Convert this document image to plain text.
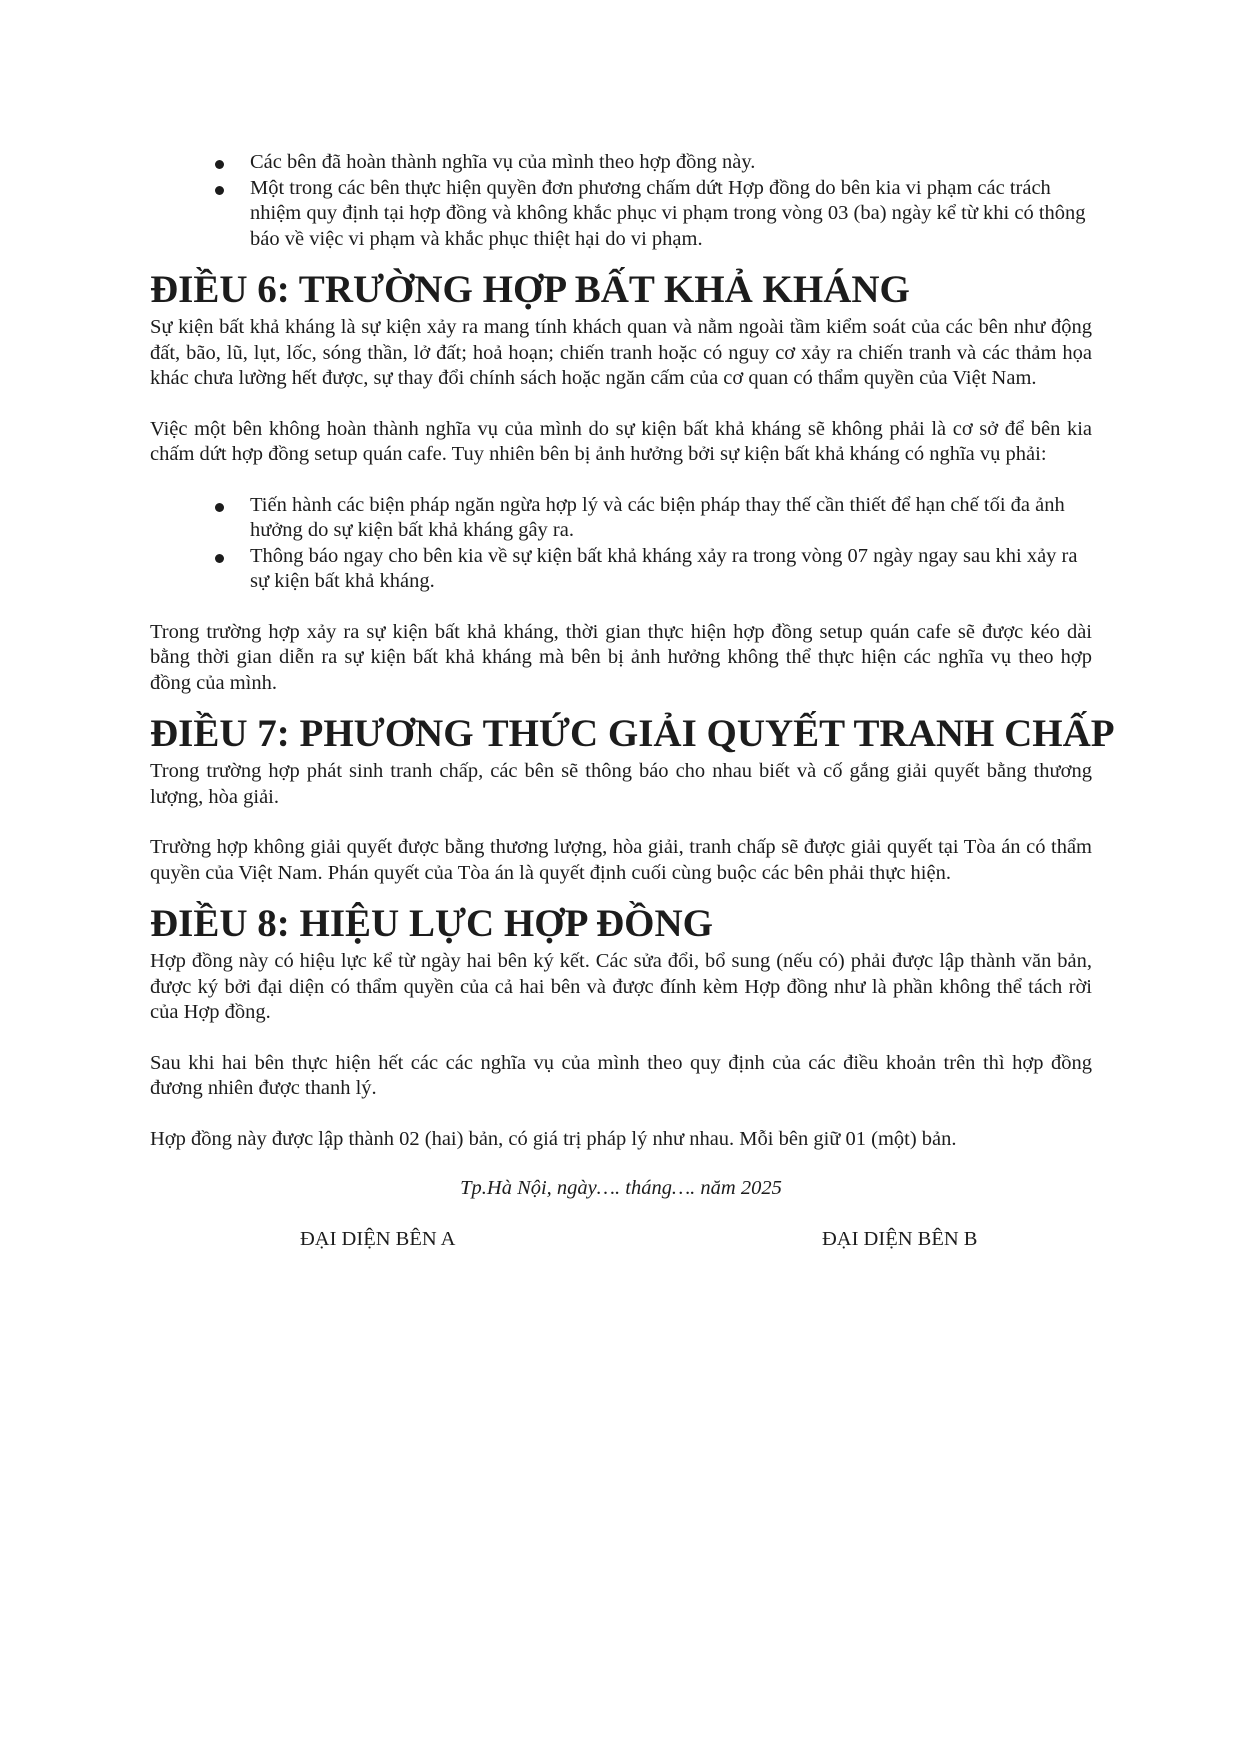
Các bên đã hoàn thành nghĩa vụ của mình theo hợp đồng này.
Một trong các bên thực hiện quyền đơn phương chấm dứt Hợp đồng do bên kia vi phạm các trách nhiệm quy định tại hợp đồng và không khắc phục vi phạm trong vòng 03 (ba) ngày kể từ khi có thông báo về việc vi phạm và khắc phục thiệt hại do vi phạm.
ĐIỀU 6: TRƯỜNG HỢP BẤT KHẢ KHÁNG

Sự kiện bất khả kháng là sự kiện xảy ra mang tính khách quan và nằm ngoài tầm kiểm soát của các bên như động đất, bão, lũ, lụt, lốc, sóng thần, lở đất; hoả hoạn; chiến tranh hoặc có nguy cơ xảy ra chiến tranh và các thảm họa khác chưa lường hết được, sự thay đổi chính sách hoặc ngăn cấm của cơ quan có thẩm quyền của Việt Nam.

Việc một bên không hoàn thành nghĩa vụ của mình do sự kiện bất khả kháng sẽ không phải là cơ sở để bên kia chấm dứt hợp đồng setup quán cafe. Tuy nhiên bên bị ảnh hưởng bởi sự kiện bất khả kháng có nghĩa vụ phải:

Tiến hành các biện pháp ngăn ngừa hợp lý và các biện pháp thay thế cần thiết để hạn chế tối đa ảnh hưởng do sự kiện bất khả kháng gây ra.
Thông báo ngay cho bên kia về sự kiện bất khả kháng xảy ra trong vòng 07 ngày ngay sau khi xảy ra sự kiện bất khả kháng.

Trong trường hợp xảy ra sự kiện bất khả kháng, thời gian thực hiện hợp đồng setup quán cafe sẽ được kéo dài bằng thời gian diễn ra sự kiện bất khả kháng mà bên bị ảnh hưởng không thể thực hiện các nghĩa vụ theo hợp đồng của mình.

ĐIỀU 7: PHƯƠNG THỨC GIẢI QUYẾT TRANH CHẤP

Trong trường hợp phát sinh tranh chấp, các bên sẽ thông báo cho nhau biết và cố gắng giải quyết bằng thương lượng, hòa giải.

Trường hợp không giải quyết được bằng thương lượng, hòa giải, tranh chấp sẽ được giải quyết tại Tòa án có thẩm quyền của Việt Nam. Phán quyết của Tòa án là quyết định cuối cùng buộc các bên phải thực hiện.

ĐIỀU 8: HIỆU LỰC HỢP ĐỒNG

Hợp đồng này có hiệu lực kể từ ngày hai bên ký kết. Các sửa đổi, bổ sung (nếu có) phải được lập thành văn bản, được ký bởi đại diện có thẩm quyền của cả hai bên và được đính kèm Hợp đồng như là phần không thể tách rời của Hợp đồng.

Sau khi hai bên thực hiện hết các các nghĩa vụ của mình theo quy định của các điều khoản trên thì hợp đồng đương nhiên được thanh lý.

Hợp đồng này được lập thành 02 (hai) bản, có giá trị pháp lý như nhau. Mỗi bên giữ 01 (một) bản.

Tp.Hà Nội, ngày…. tháng…. năm 2025

ĐẠI DIỆN BÊN A	ĐẠI DIỆN BÊN B
